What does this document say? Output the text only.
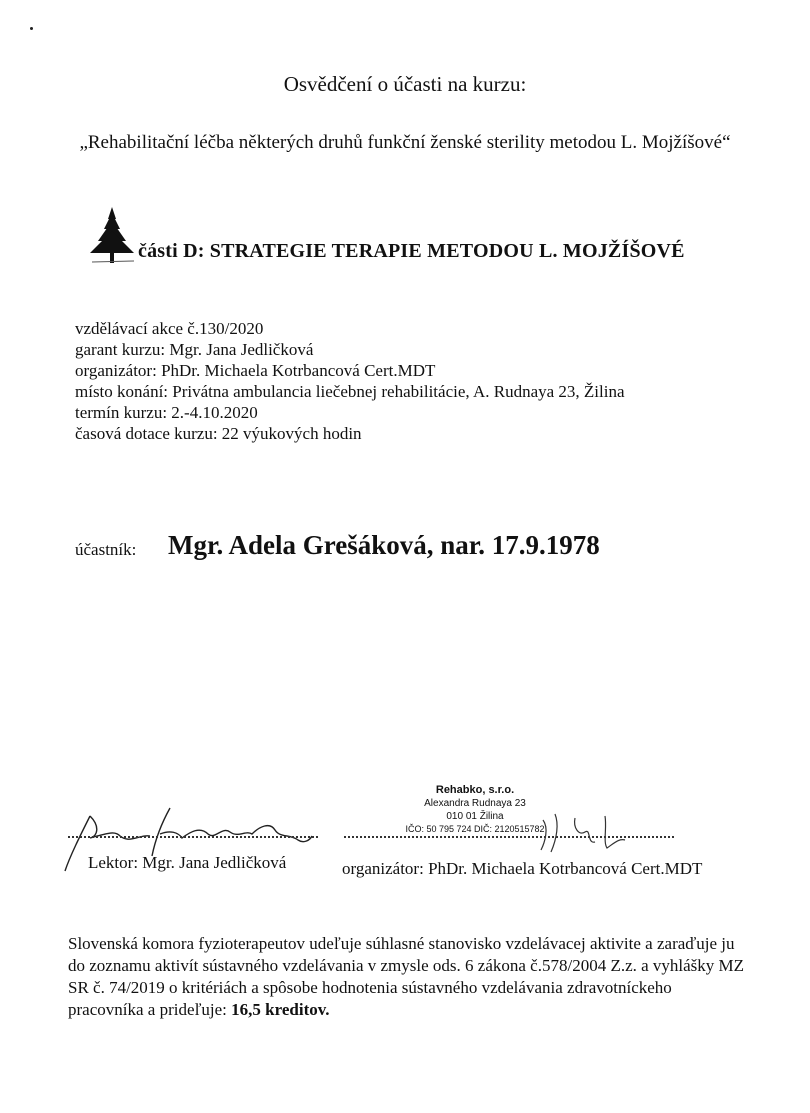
Osvědčení o účasti na kurzu:
„Rehabilitační léčba některých druhů funkční ženské sterility metodou L. Mojžíšové“
části D: STRATEGIE TERAPIE METODOU L. MOJŽÍŠOVÉ
vzdělávací akce č.130/2020
garant kurzu: Mgr. Jana Jedličková
organizátor: PhDr. Michaela Kotrbancová Cert.MDT
místo konání: Privátna ambulancia liečebnej rehabilitácie, A. Rudnaya 23, Žilina
termín kurzu: 2.-4.10.2020
časová dotace kurzu: 22 výukových hodin
účastník: Mgr. Adela Grešáková, nar. 17.9.1978
Rehabko, s.r.o.
Alexandra Rudnaya 23
010 01 Žilina
IČO: 50 795 724 DIČ: 2120515782
Lektor: Mgr. Jana Jedličková	organizátor: PhDr. Michaela Kotrbancová Cert.MDT
Slovenská komora fyzioterapeutov udeľuje súhlasné stanovisko vzdelávacej aktivite a zaraďuje ju do zoznamu aktivít sústavného vzdelávania v zmysle ods. 6 zákona č.578/2004 Z.z. a vyhlášky MZ SR č. 74/2019 o kritériách a spôsobe hodnotenia sústavného vzdelávania zdravotníckeho pracovníka a prideľuje: 16,5 kreditov.
